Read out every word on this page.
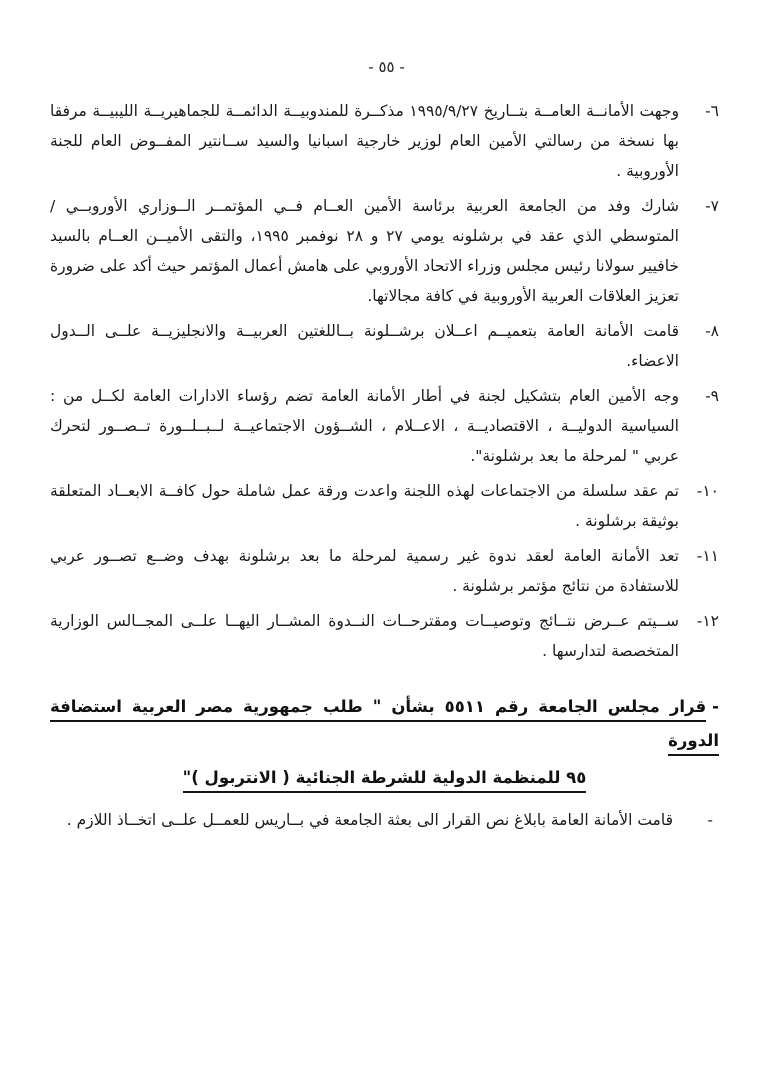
- ٥٥ -

٦-وجهت الأمانــة العامــة بتــاريخ ١٩٩٥/٩/٢٧ مذكــرة للمندوبيــة الدائمــة للجماهيريــة الليبيــة مرفقا بها نسخة من رسالتي الأمين العام لوزير خارجية اسبانيا والسيد ســانتير المفــوض العام للجنة الأوروبية .

٧-شارك وفد من الجامعة العربية برئاسة الأمين العــام فــي المؤتمــر الــوزاري الأوروبــي / المتوسطي الذي عقد في برشلونه يومي ٢٧ و ٢٨ نوفمبر ١٩٩٥، والتقى الأميــن العــام بالسيد خافيير سولانا رئيس مجلس وزراء الاتحاد الأوروبي على هامش أعمال المؤتمر حيث أكد على ضرورة تعزيز العلاقات العربية الأوروبية في كافة مجالاتها.

٨-قامت الأمانة العامة بتعميــم اعــلان برشــلونة بــاللغتين العربيــة والانجليزيــة علــى الــدول الاعضاء.

٩-وجه الأمين العام بتشكيل لجنة في أطار الأمانة العامة تضم رؤساء الادارات العامة لكــل من : السياسية الدوليــة ، الاقتصاديــة ، الاعــلام ، الشــؤون الاجتماعيــة لــبــلــورة تــصــور لتحرك عربي " لمرحلة ما بعد برشلونة".

١٠-تم عقد سلسلة من الاجتماعات لهذه اللجنة واعدت ورقة عمل شاملة حول كافــة الابعــاد المتعلقة بوثيقة برشلونة .

١١-تعد الأمانة العامة لعقد ندوة غير رسمية لمرحلة ما بعد برشلونة بهدف وضــع تصــور عربي للاستفادة من نتائج مؤتمر برشلونة .

١٢-ســيتم عــرض نتــائج وتوصيــات ومقترحــات النــدوة المشــار اليهــا علــى المجــالس الوزارية المتخصصة لتدارسها .

-قرار مجلس الجامعة رقم ٥٥١١ بشأن " طلب جمهورية مصر العربية استضافة الدورة

٩٥ للمنظمة الدولية للشرطة الجنائية ( الانتربول )"

-قامت الأمانة العامة بابلاغ نص القرار الى بعثة الجامعة في بــاريس للعمــل علــى اتخــاذ اللازم .
